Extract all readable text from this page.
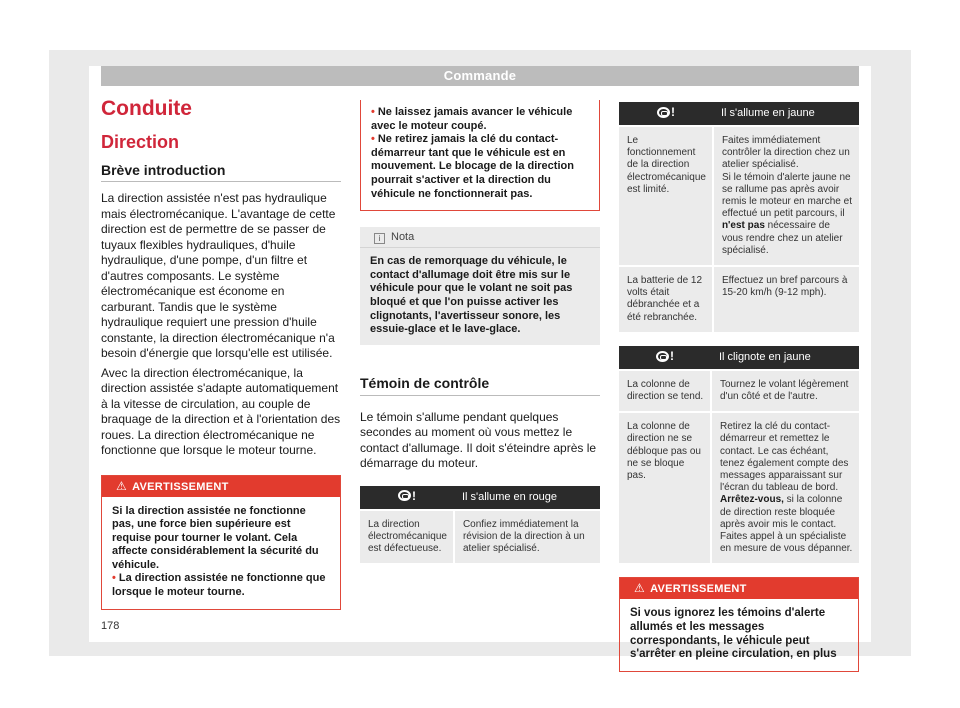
Commande
Conduite
Direction
Brève introduction

La direction assistée n'est pas hydraulique mais électromécanique. L'avantage de cette direction est de permettre de se passer de tuyaux flexibles hydrauliques, d'huile hydraulique, d'une pompe, d'un filtre et d'autres composants. Le système électromécanique est économe en carburant. Tandis que le système hydraulique requiert une pression d'huile constante, la direction électromécanique n'a besoin d'énergie que lorsqu'elle est utilisée.

Avec la direction électromécanique, la direction assistée s'adapte automatiquement à la vitesse de circulation, au couple de braquage de la direction et à l'orientation des roues. La direction électromécanique ne fonctionne que lorsque le moteur tourne.

⚠ AVERTISSEMENT
Si la direction assistée ne fonctionne pas, une force bien supérieure est requise pour tourner le volant. Cela affecte considérablement la sécurité du véhicule.
• La direction assistée ne fonctionne que lorsque le moteur tourne.
• Ne laissez jamais avancer le véhicule avec le moteur coupé.
• Ne retirez jamais la clé du contact-démarreur tant que le véhicule est en mouvement. Le blocage de la direction pourrait s'activer et la direction du véhicule ne fonctionnerait pas.
i Nota
En cas de remorquage du véhicule, le contact d'allumage doit être mis sur le véhicule pour que le volant ne soit pas bloqué et que l'on puisse activer les clignotants, l'avertisseur sonore, les essuie-glace et le lave-glace.
Témoin de contrôle
Le témoin s'allume pendant quelques secondes au moment où vous mettez le contact d'allumage. Il doit s'éteindre après le démarrage du moteur.
!	Il s'allume en rouge
La direction électromécanique est défectueuse.	Confiez immédiatement la révision de la direction à un atelier spécialisé.
!	Il s'allume en jaune
Le fonctionnement de la direction électromécanique est limité.	Faites immédiatement contrôler la direction chez un atelier spécialisé.
Si le témoin d'alerte jaune ne se rallume pas après avoir remis le moteur en marche et effectué un petit parcours, il n'est pas nécessaire de vous rendre chez un atelier spécialisé.
La batterie de 12 volts était débranchée et a été rebranchée.	Effectuez un bref parcours à 15-20 km/h (9-12 mph).
!	Il clignote en jaune
La colonne de direction se tend.	Tournez le volant légèrement d'un côté et de l'autre.
La colonne de direction ne se débloque pas ou ne se bloque pas.	Retirez la clé du contact-démarreur et remettez le contact. Le cas échéant, tenez également compte des messages apparaissant sur l'écran du tableau de bord.
Arrêtez-vous, si la colonne de direction reste bloquée après avoir mis le contact. Faites appel à un spécialiste en mesure de vous dépanner.
⚠ AVERTISSEMENT
Si vous ignorez les témoins d'alerte allumés et les messages correspondants, le véhicule peut s'arrêter en pleine circulation, en plus
178
